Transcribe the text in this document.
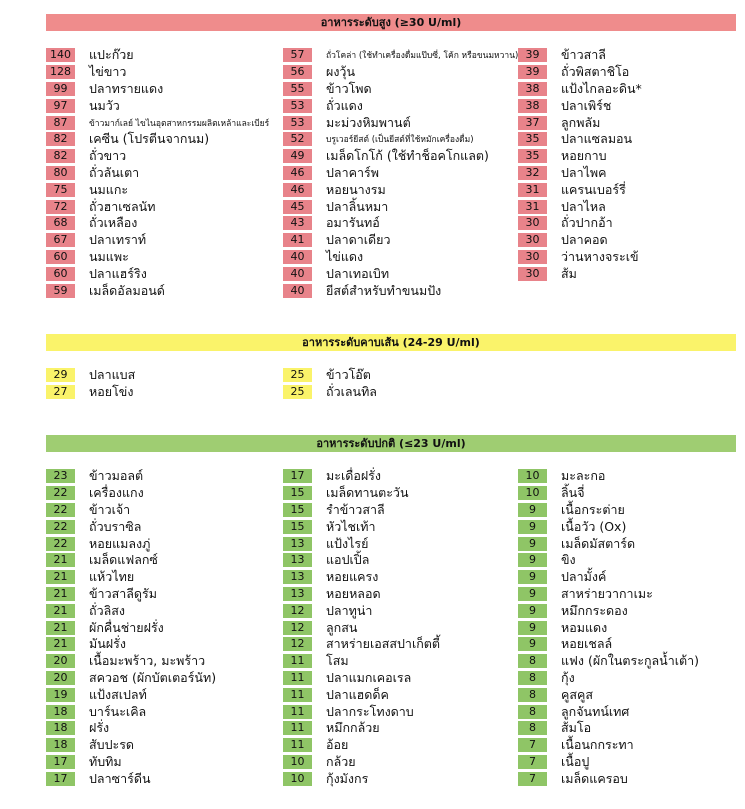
อาหารระดับสูง (≥30 U/ml)
140	แปะก๊วย
128	ไข่ขาว
99	ปลาทรายแดง
97	นมวัว
87	ข้าวมาก์เลย์ ไขไนอุตสาหกรรมผลิตเหล้าและเบียร์
82	เคซีน (โปรตีนจากนม)
82	ถั่วขาว
80	ถั่วลันเตา
75	นมแกะ
72	ถั่วฮาเซลนัท
68	ถั่วเหลือง
67	ปลาเทราท์
60	นมแพะ
60	ปลาแฮร์ริง
59	เมล็ดอัลมอนด์
57	ถั่วโคล่า (ใช้ทำเครื่องดื่มแป๊บซี่, โค้ก หรือขนมหวาน)
56	ผงวุ้น
55	ข้าวโพด
53	ถั่วแดง
53	มะม่วงหิมพานต์
52	บรูเวอร์ยีสต์ (เป็นยีสต์ที่ใช้หมักเครื่องดื่ม)
49	เมล็ดโกโก้ (ใช้ทำช็อคโกแลต)
46	ปลาคาร์พ
46	หอยนางรม
45	ปลาลิ้นหมา
43	อมารันทอ์
41	ปลาดาเดียว
40	ไข่แดง
40	ปลาเทอเบิท
40	ยีสต์สำหรับทำขนมปัง
39	ข้าวสาลี
39	ถั่วพิสตาชิโอ
38	แป้งไกลอะดิน*
38	ปลาเพิร์ช
37	ลูกพลัม
35	ปลาแซลมอน
35	หอยกาบ
32	ปลาไพค
31	แครนเบอร์รี่
31	ปลาไหล
30	ถั่วปากอ้า
30	ปลาคอด
30	ว่านหางจระเข้
30	ส้ม
อาหารระดับคาบเส้น (24-29 U/ml)
29	ปลาแบส
27	หอยโข่ง
25	ข้าวโอ๊ต
25	ถั่วเลนทิล
อาหารระดับปกติ (≤23 U/ml)
23	ข้าวมอลต์
22	เครื่องแกง
22	ข้าวเจ้า
22	ถั่วบราซิล
22	หอยแมลงภู่
21	เมล็ดแฟลกซ์
21	แห้วไทย
21	ข้าวสาลีดูรัม
21	ถั่วลิสง
21	ผักคื่นช่ายฝรั่ง
21	มันฝรั่ง
20	เนื้อมะพร้าว, มะพร้าว
20	สควอช (ผักบัตเตอร์นัท)
19	แป้งสเปลท์
18	บาร์นะเคิล
18	ฝรั่ง
18	สับปะรด
17	ทับทิม
17	ปลาซาร์ดีน
17	มะเดื่อฝรั่ง
15	เมล็ดทานตะวัน
15	รำข้าวสาลี
15	หัวไชเท้า
13	แป้งไรย์
13	แอปเปิ้ล
13	หอยแครง
13	หอยหลอด
12	ปลาทูน่า
12	ลูกสน
12	สาหร่ายเอสสปาเก็ตตี้
11	โสม
11	ปลาแมกเคอเรล
11	ปลาแฮดด็ค
11	ปลากระโทงดาบ
11	หมึกกล้วย
11	อ้อย
10	กล้วย
10	กุ้งมังกร
10	มะละกอ
10	ลิ้นจี่
9	เนื้อกระต่าย
9	เนื้อวัว (Ox)
9	เมล็ดมัสตาร์ด
9	ขิง
9	ปลามั้งค์
9	สาหร่ายวากาเมะ
9	หมึกกระดอง
9	หอมแดง
9	หอยเชลล์
8	แฟง (ผักในตระกูลน้ำเต้า)
8	กุ้ง
8	คูสคูส
8	ลูกจันทน์เทศ
8	ส้มโอ
7	เนื้อนกกระทา
7	เนื้อปู
7	เมล็ดแครอบ
